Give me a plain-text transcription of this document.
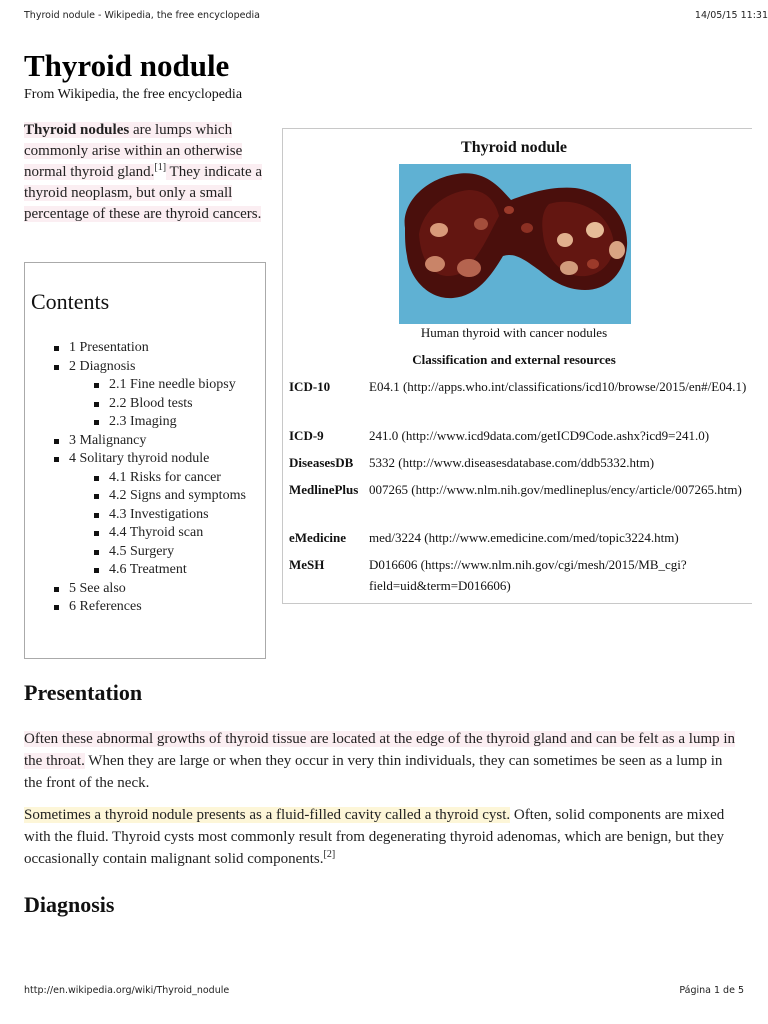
Thyroid nodule - Wikipedia, the free encyclopedia	14/05/15 11:31
Thyroid nodule
From Wikipedia, the free encyclopedia
Thyroid nodules are lumps which commonly arise within an otherwise normal thyroid gland.[1] They indicate a thyroid neoplasm, but only a small percentage of these are thyroid cancers.
Thyroid nodule
Human thyroid with cancer nodules
Classification and external resources
ICD-10	E04.1 (http://apps.who.int/classifications/icd10/browse/2015/en#/E04.1)
ICD-9	241.0 (http://www.icd9data.com/getICD9Code.ashx?icd9=241.0)
DiseasesDB	5332 (http://www.diseasesdatabase.com/ddb5332.htm)
MedlinePlus 007265 (http://www.nlm.nih.gov/medlineplus/ency/article/007265.htm)
eMedicine	med/3224 (http://www.emedicine.com/med/topic3224.htm)
MeSH	D016606 (https://www.nlm.nih.gov/cgi/mesh/2015/MB_cgi?field=uid&term=D016606)
Contents
1 Presentation
2 Diagnosis
2.1 Fine needle biopsy
2.2 Blood tests
2.3 Imaging
3 Malignancy
4 Solitary thyroid nodule
4.1 Risks for cancer
4.2 Signs and symptoms
4.3 Investigations
4.4 Thyroid scan
4.5 Surgery
4.6 Treatment
5 See also
6 References
Presentation
Often these abnormal growths of thyroid tissue are located at the edge of the thyroid gland and can be felt as a lump in the throat. When they are large or when they occur in very thin individuals, they can sometimes be seen as a lump in the front of the neck.
Sometimes a thyroid nodule presents as a fluid-filled cavity called a thyroid cyst. Often, solid components are mixed with the fluid. Thyroid cysts most commonly result from degenerating thyroid adenomas, which are benign, but they occasionally contain malignant solid components.[2]
Diagnosis
http://en.wikipedia.org/wiki/Thyroid_nodule	Página 1 de 5
